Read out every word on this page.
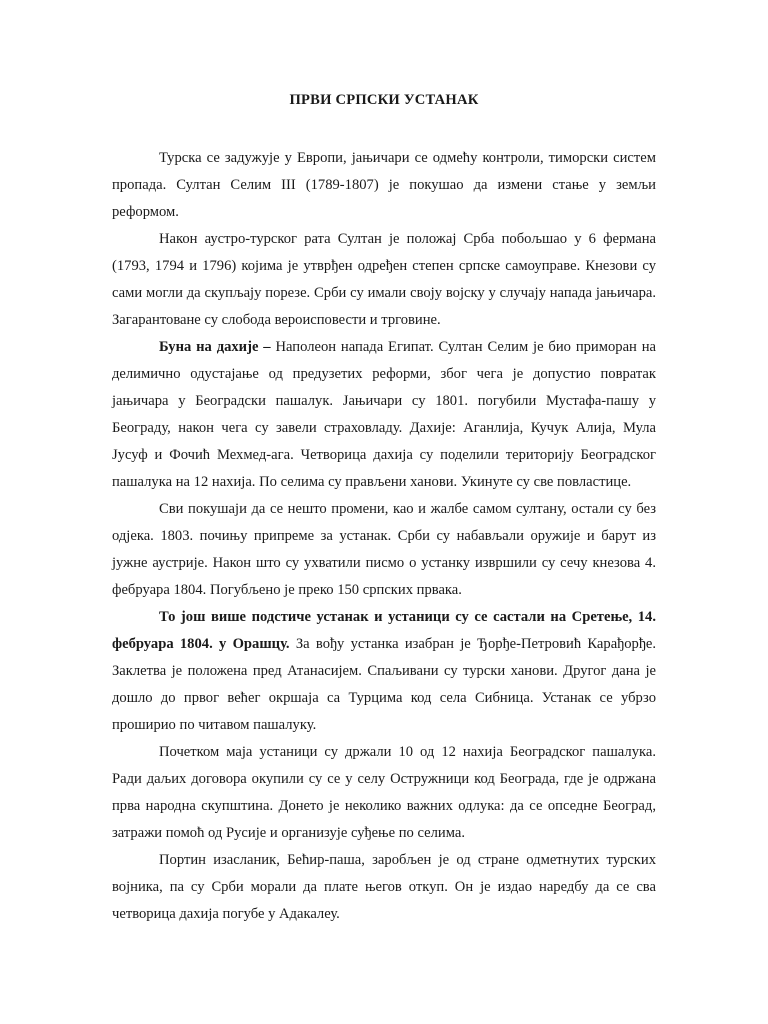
ПРВИ СРПСКИ УСТАНАК

Турска се задужује у Европи, јањичари се одмећу контроли, тиморски систем пропада. Султан Селим III (1789-1807) је покушао да измени стање у земљи реформом.

Након аустро-турског рата Султан је положај Срба побољшао у 6 фермана (1793, 1794 и 1796) којима је утврђен одређен степен српске самоуправе. Кнезови су сами могли да скупљају порезе. Срби су имали своју војску у случају напада јањичара. Загарантоване су слобода вероисповести и трговине.

Буна на дахије – Наполеон напада Египат. Султан Селим је био приморан на делимично одустајање од предузетих реформи, због чега је допустио повратак јањичара у Београдски пашалук. Јањичари су 1801. погубили Мустафа-пашу у Београду, након чега су завели страховладу. Дахије: Аганлија, Кучук Алија, Мула Јусуф и Фочић Мехмед-ага. Четворица дахија су поделили територију Београдског пашалука на 12 нахија. По селима су прављени ханови. Укинуте су све повластице.

Сви покушаји да се нешто промени, као и жалбе самом султану, остали су без одјека. 1803. почињу припреме за устанак. Срби су набављали оружије и барут из јужне аустрије. Након што су ухватили писмо о устанку извршили су сечу кнезова 4. фебруара 1804. Погубљено је преко 150 српских првака.

То још више подстиче устанак и устаници су се састали на Сретење, 14. фебруара 1804. у Орашцу. За вођу устанка изабран је Ђорђе-Петровић Карађорђе. Заклетва је положена пред Атанасијем. Спаљивани су турски ханови. Другог дана је дошло до првог већег окршаја са Турцима код села Сибница. Устанак се убрзо проширио по читавом пашалуку.

Почетком маја устаници су држали 10 од 12 нахија Београдског пашалука. Ради даљих договора окупили су се у селу Остружници код Београда, где је одржана прва народна скупштина. Донето је неколико важних одлука: да се опседне Београд, затражи помоћ од Русије и организује суђење по селима.

Портин изасланик, Бећир-паша, заробљен је од стране одметнутих турских војника, па су Срби морали да плате његов откуп. Он је издао наредбу да се сва четворица дахија погубе у Адакалеу.
